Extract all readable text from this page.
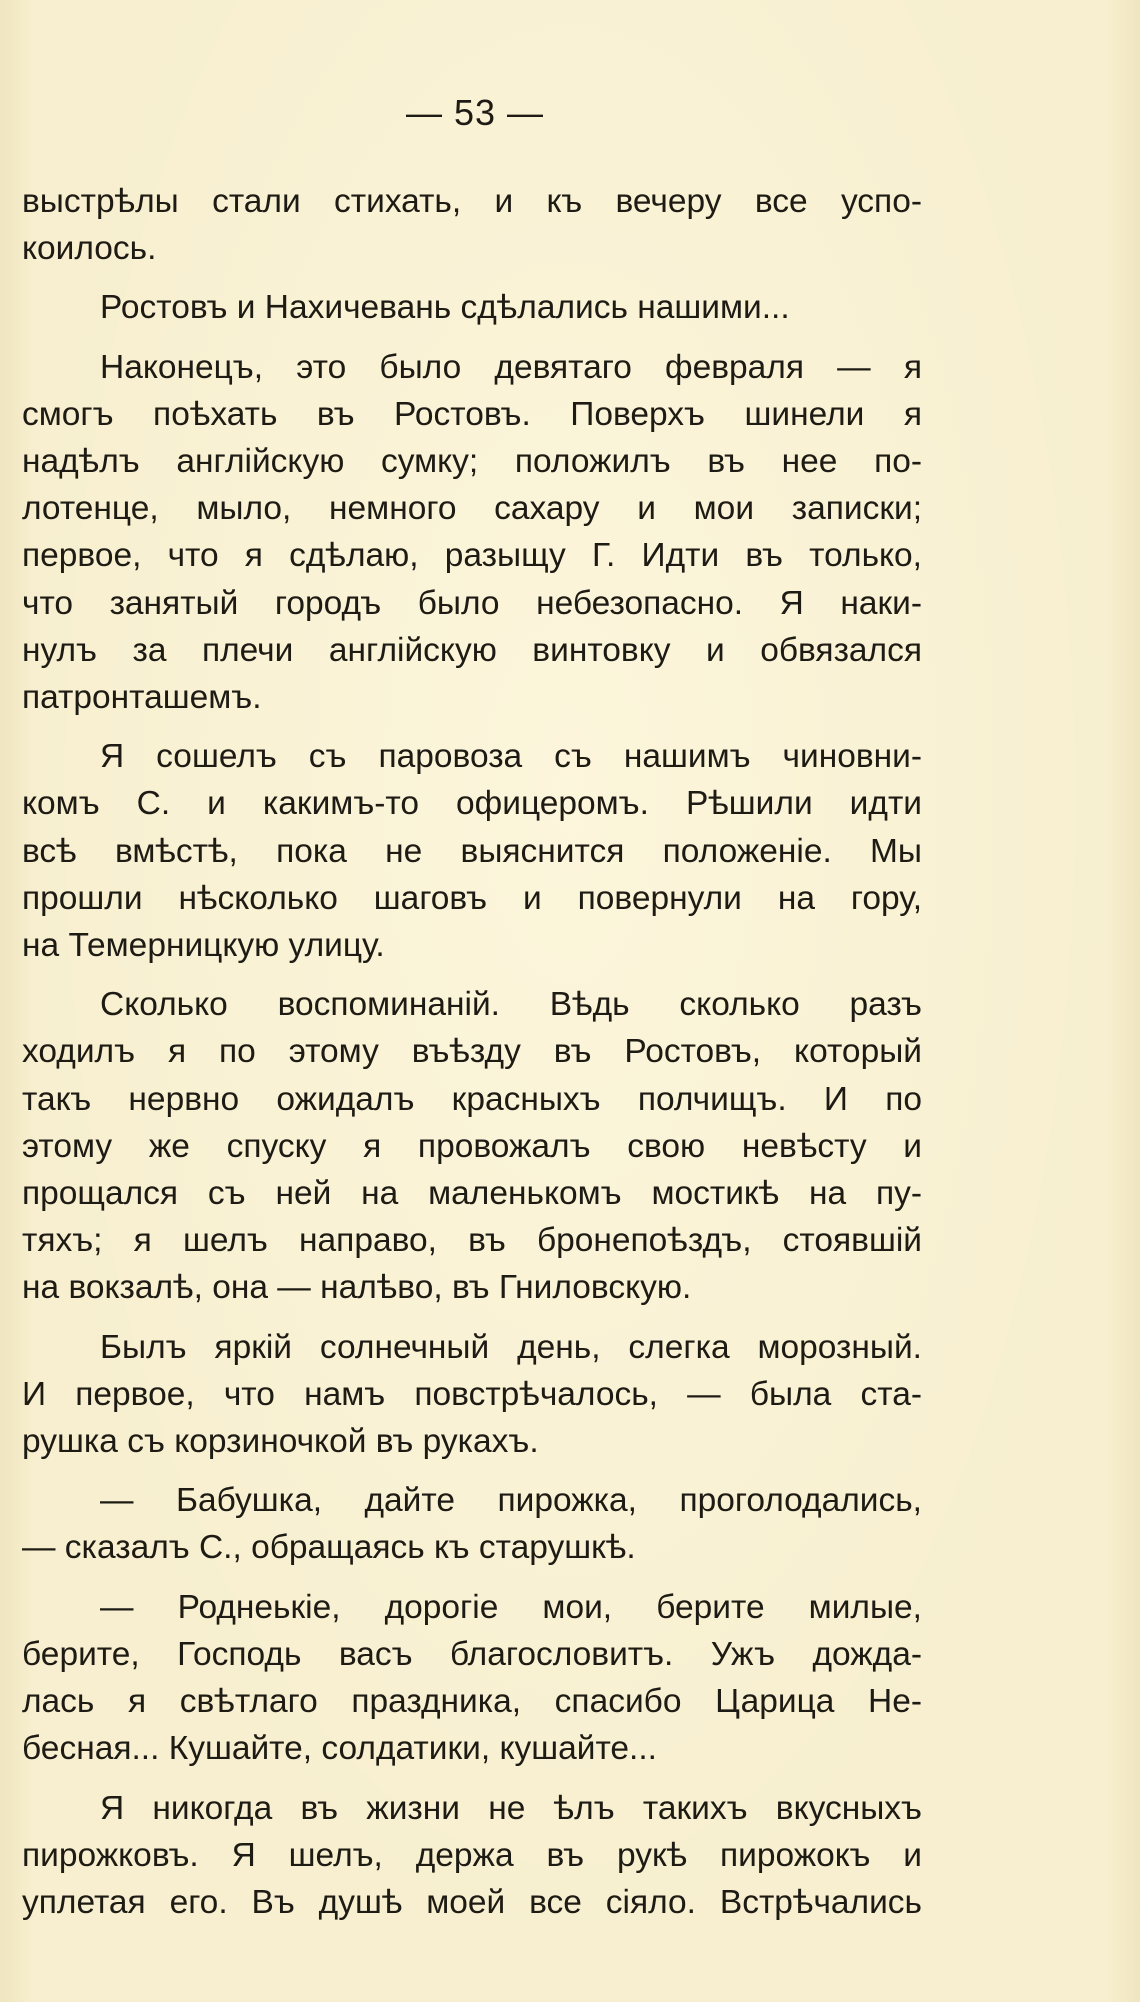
— 53 —
выстрѣлы стали стихать, и къ вечеру все успо-
коилось.
Ростовъ и Нахичевань сдѣлались нашими...
Наконецъ, это было девятаго февраля — я
смогъ поѣхать въ Ростовъ. Поверхъ шинели я
надѣлъ англійскую сумку; положилъ въ нее по-
лотенце, мыло, немного сахару и мои записки;
первое, что я сдѣлаю, разыщу Г. Идти въ только,
что занятый городъ было небезопасно. Я наки-
нулъ за плечи англійскую винтовку и обвязался
патронташемъ.
Я сошелъ съ паровоза съ нашимъ чиновни-
комъ С. и какимъ-то офицеромъ. Рѣшили идти
всѣ вмѣстѣ, пока не выяснится положеніе. Мы
прошли нѣсколько шаговъ и повернули на гору,
на Темерницкую улицу.
Сколько воспоминаній. Вѣдь сколько разъ
ходилъ я по этому въѣзду въ Ростовъ, который
такъ нервно ожидалъ красныхъ полчищъ. И по
этому же спуску я провожалъ свою невѣсту и
прощался съ ней на маленькомъ мостикѣ на пу-
тяхъ; я шелъ направо, въ бронепоѣздъ, стоявшій
на вокзалѣ, она — налѣво, въ Гниловскую.
Былъ яркій солнечный день, слегка морозный.
И первое, что намъ повстрѣчалось, — была ста-
рушка съ корзиночкой въ рукахъ.
— Бабушка, дайте пирожка, проголодались,
— сказалъ С., обращаясь къ старушкѣ.
— Роднеькіе, дорогіе мои, берите милые,
берите, Господь васъ благословитъ. Ужъ дожда-
лась я свѣтлаго праздника, спасибо Царица Не-
бесная... Кушайте, солдатики, кушайте...
Я никогда въ жизни не ѣлъ такихъ вкусныхъ
пирожковъ. Я шелъ, держа въ рукѣ пирожокъ и
уплетая его. Въ душѣ моей все сіяло. Встрѣчались
